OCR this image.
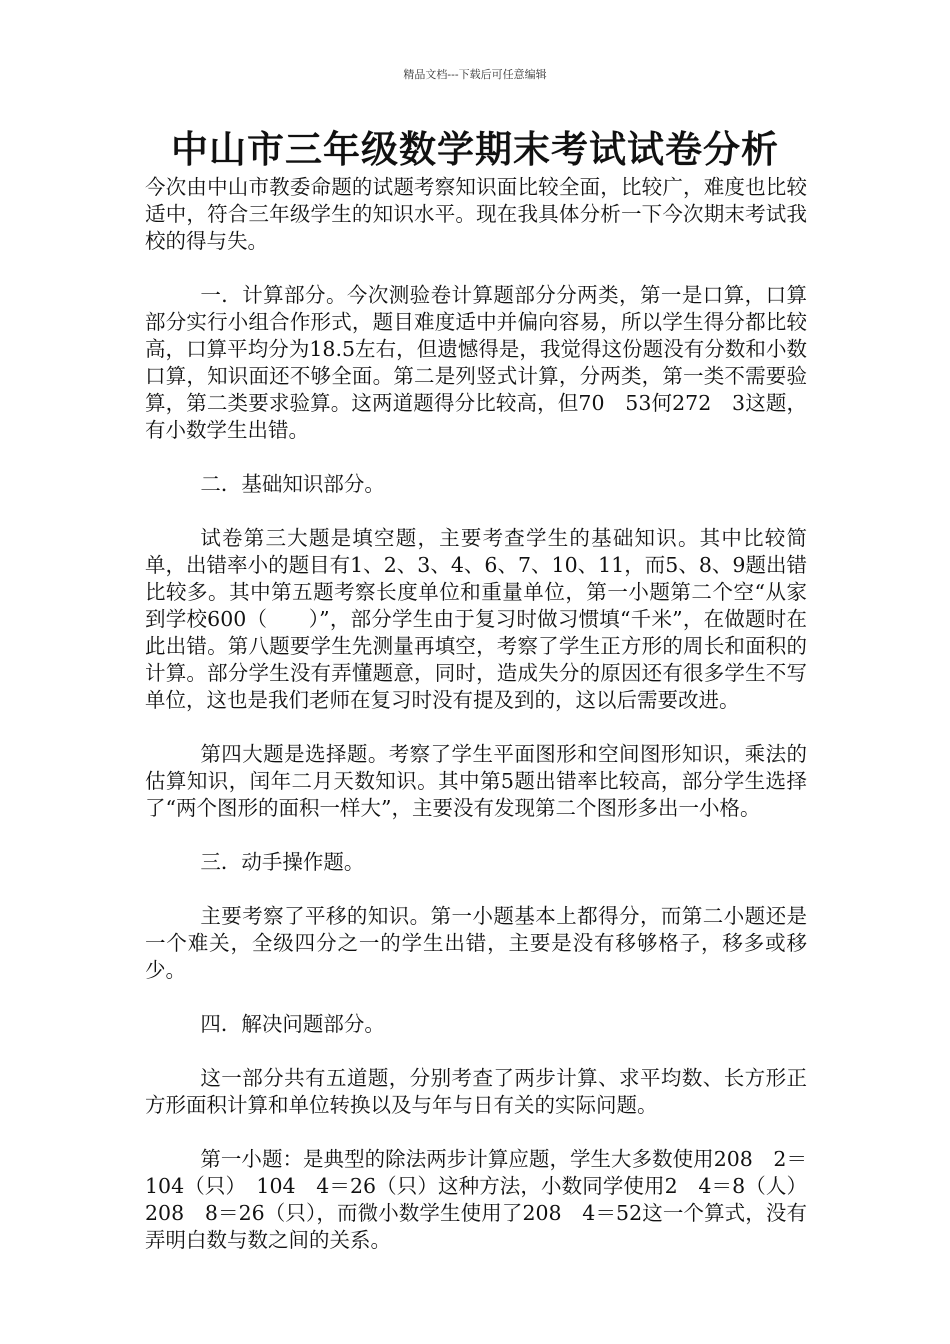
精品文档---下载后可任意编辑
中山市三年级数学期末考试试卷分析

今次由中山市教委命题的试题考察知识面比较全面，比较广，难度也比较适中，符合三年级学生的知识水平。现在我具体分析一下今次期末考试我校的得与失。

一．计算部分。今次测验卷计算题部分分两类，第一是口算，口算部分实行小组合作形式，题目难度适中并偏向容易，所以学生得分都比较高，口算平均分为18.5左右，但遗憾得是，我觉得这份题没有分数和小数口算，知识面还不够全面。第二是列竖式计算，分两类，第一类不需要验算，第二类要求验算。这两道题得分比较高，但70　53何272　3这题，有小数学生出错。

二．基础知识部分。

试卷第三大题是填空题，主要考查学生的基础知识。其中比较简单，出错率小的题目有1、2、3、4、6、7、10、11，而5、8、9题出错比较多。其中第五题考察长度单位和重量单位，第一小题第二个空“从家到学校600（　　）”，部分学生由于复习时做习惯填“千米”，在做题时在此出错。第八题要学生先测量再填空，考察了学生正方形的周长和面积的计算。部分学生没有弄懂题意，同时，造成失分的原因还有很多学生不写单位，这也是我们老师在复习时没有提及到的，这以后需要改进。

第四大题是选择题。考察了学生平面图形和空间图形知识，乘法的估算知识，闰年二月天数知识。其中第5题出错率比较高，部分学生选择了“两个图形的面积一样大”，主要没有发现第二个图形多出一小格。

三．动手操作题。

主要考察了平移的知识。第一小题基本上都得分，而第二小题还是一个难关，全级四分之一的学生出错，主要是没有移够格子，移多或移少。

四．解决问题部分。

这一部分共有五道题，分别考查了两步计算、求平均数、长方形正方形面积计算和单位转换以及与年与日有关的实际问题。

第一小题：是典型的除法两步计算应题，学生大多数使用208　2＝104（只）　104　4＝26（只）这种方法，小数同学使用2　4＝8（人）208　8＝26（只），而微小数学生使用了208　4＝52这一个算式，没有弄明白数与数之间的关系。
